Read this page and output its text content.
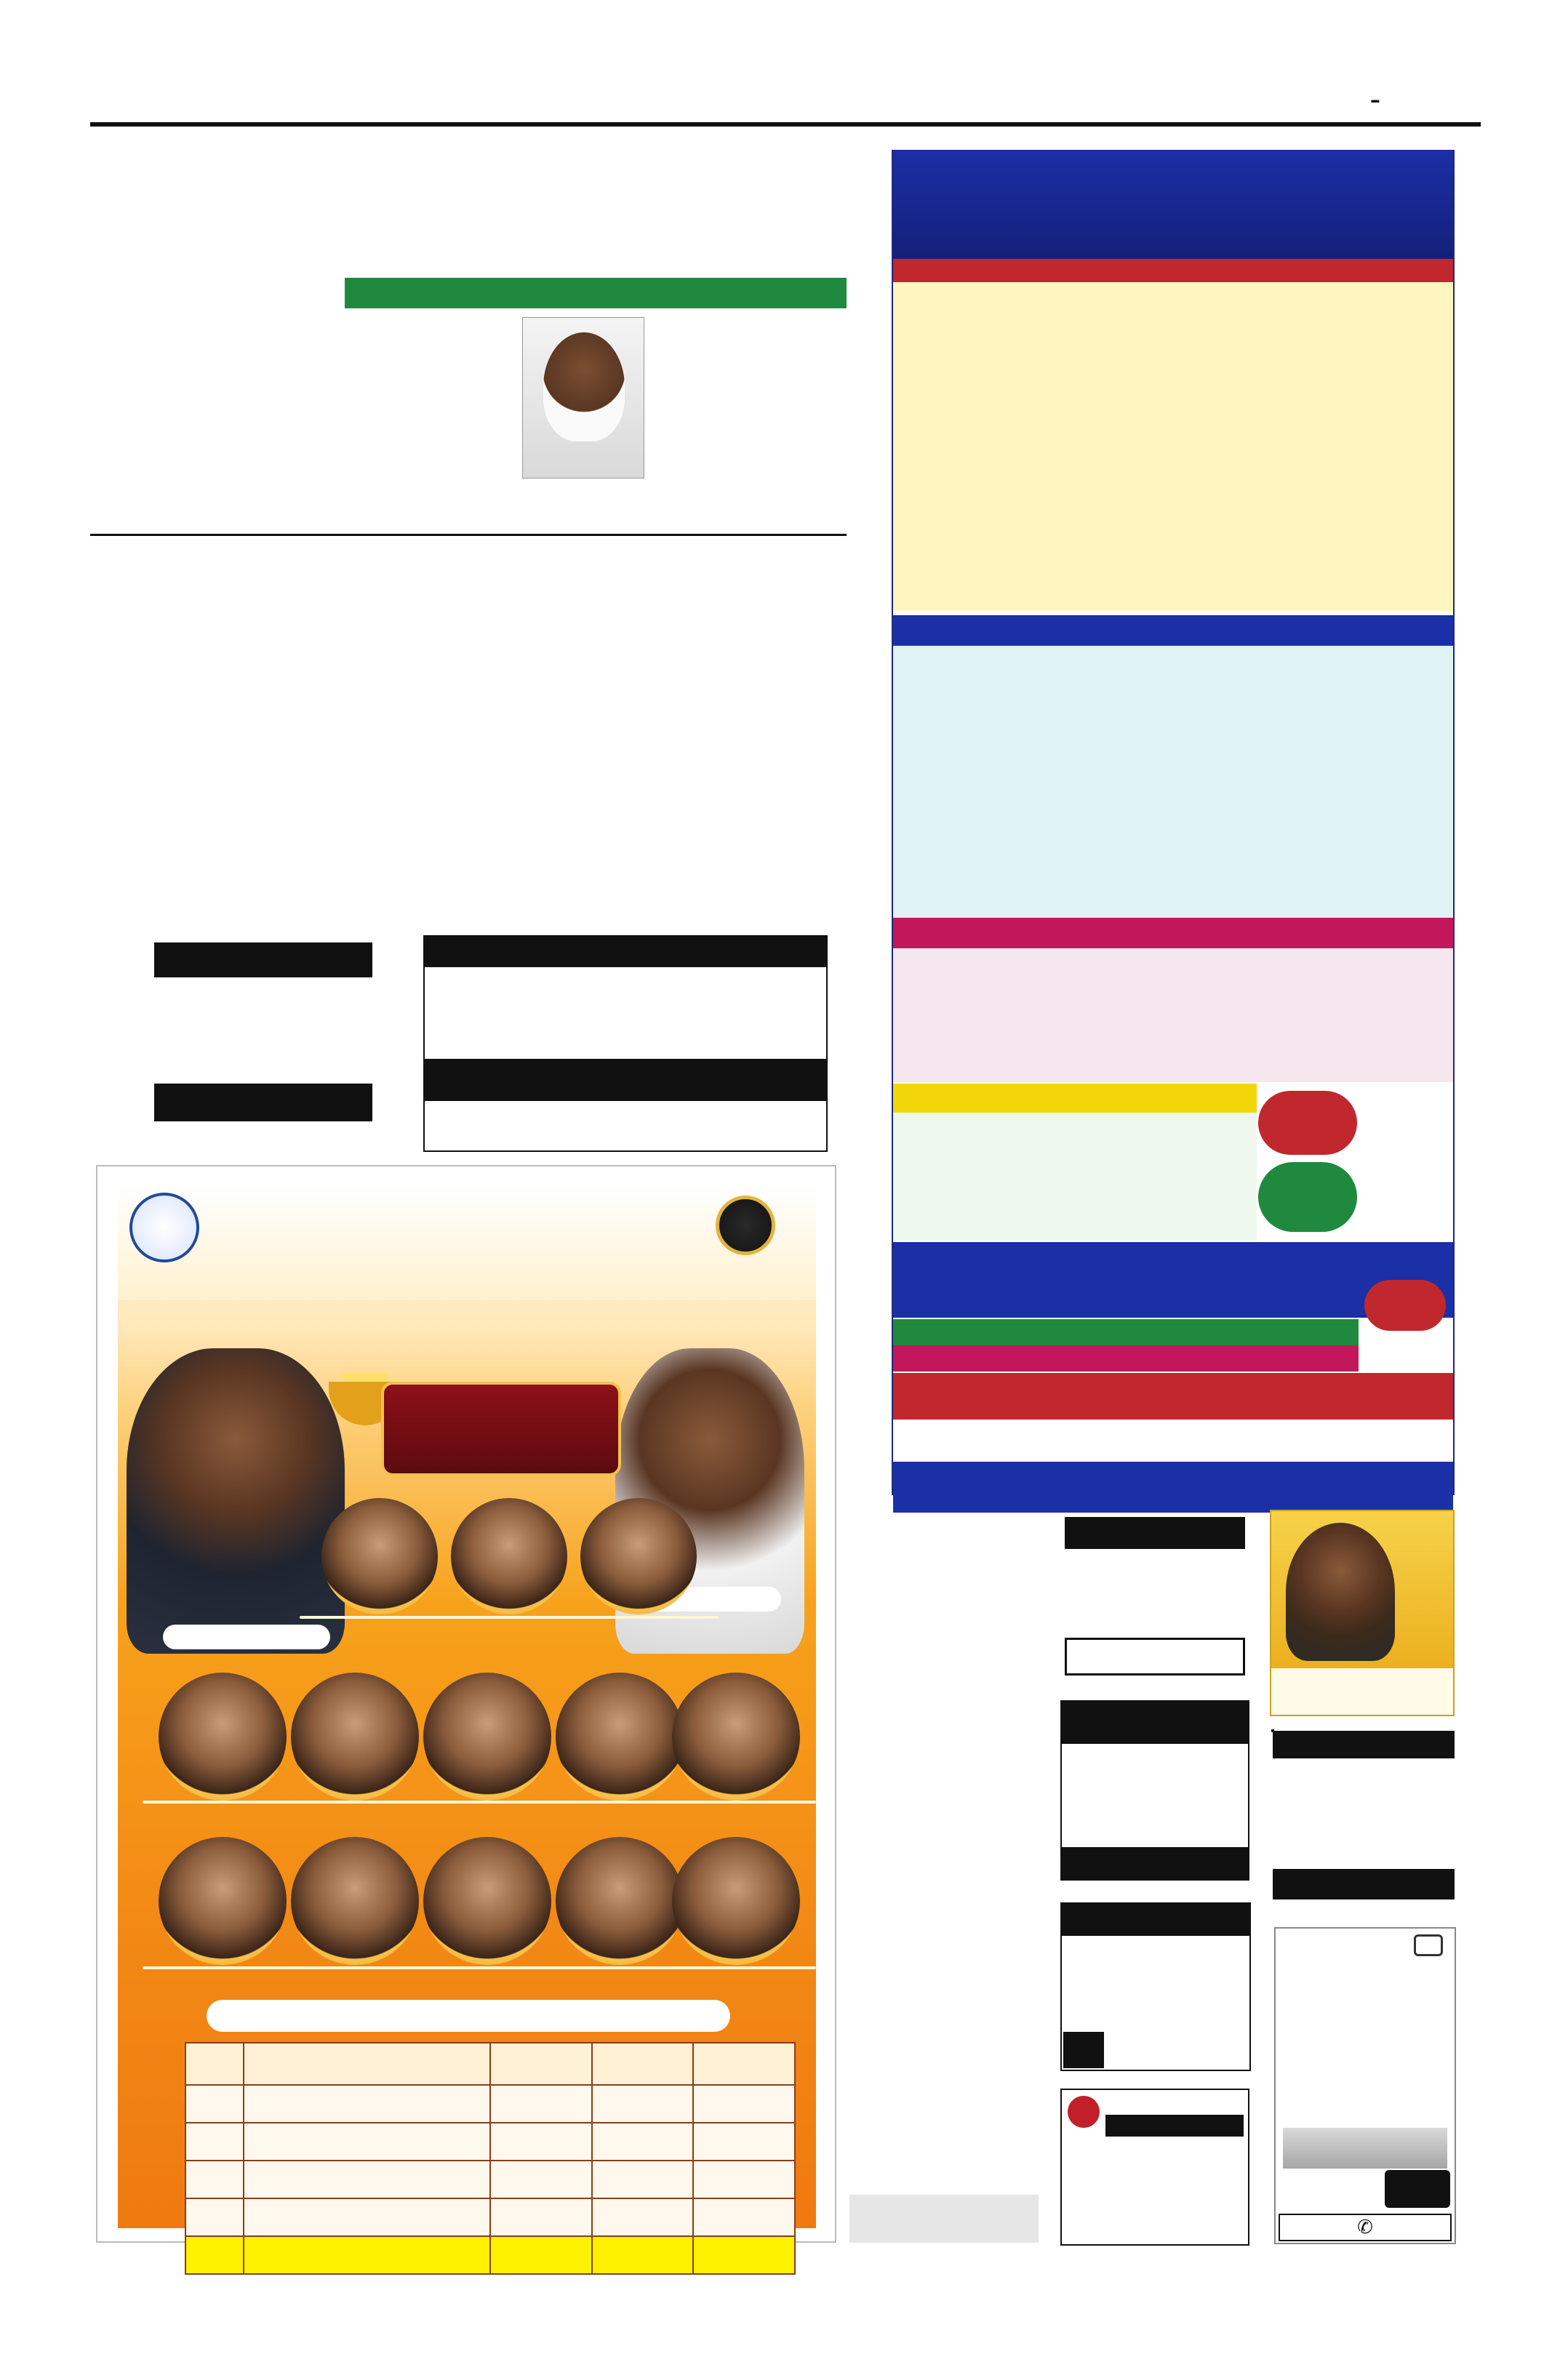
–

✆
